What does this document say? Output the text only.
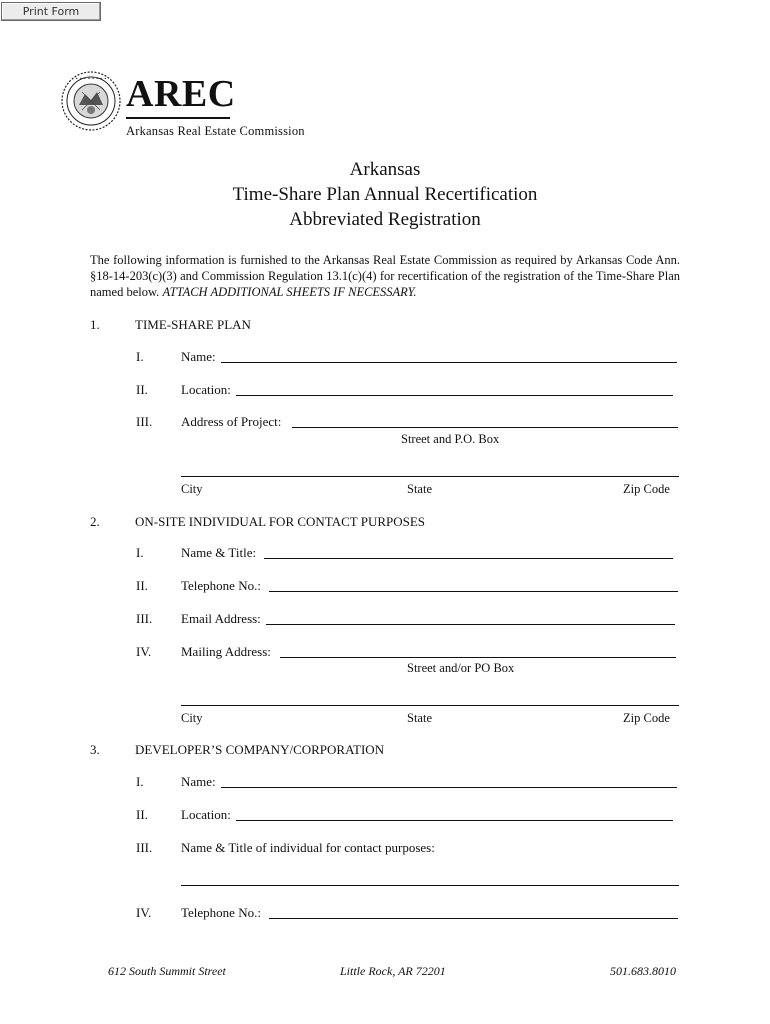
Print Form
• • • • • • • • AREC
Arkansas Real Estate Commission
Arkansas
Time-Share Plan Annual Recertification
Abbreviated Registration
The following information is furnished to the Arkansas Real Estate Commission as required by Arkansas Code Ann. §18-14-203(c)(3) and Commission Regulation 13.1(c)(4) for recertification of the registration of the Time-Share Plan named below. ATTACH ADDITIONAL SHEETS IF NECESSARY.
1.	TIME-SHARE PLAN
I.	Name:
II.	Location:
III. Address of Project:
Street and P.O. Box
City	State	Zip Code
2.	ON-SITE INDIVIDUAL FOR CONTACT PURPOSES
I.	Name & Title:
II.	Telephone No.:
III. Email Address:
IV. Mailing Address:
Street and/or PO Box
City	State	Zip Code
3.	DEVELOPER’S COMPANY/CORPORATION
I.	Name:
II.	Location:
III. Name & Title of individual for contact purposes:
IV. Telephone No.:
612 South Summit Street	Little Rock, AR 72201	501.683.8010
